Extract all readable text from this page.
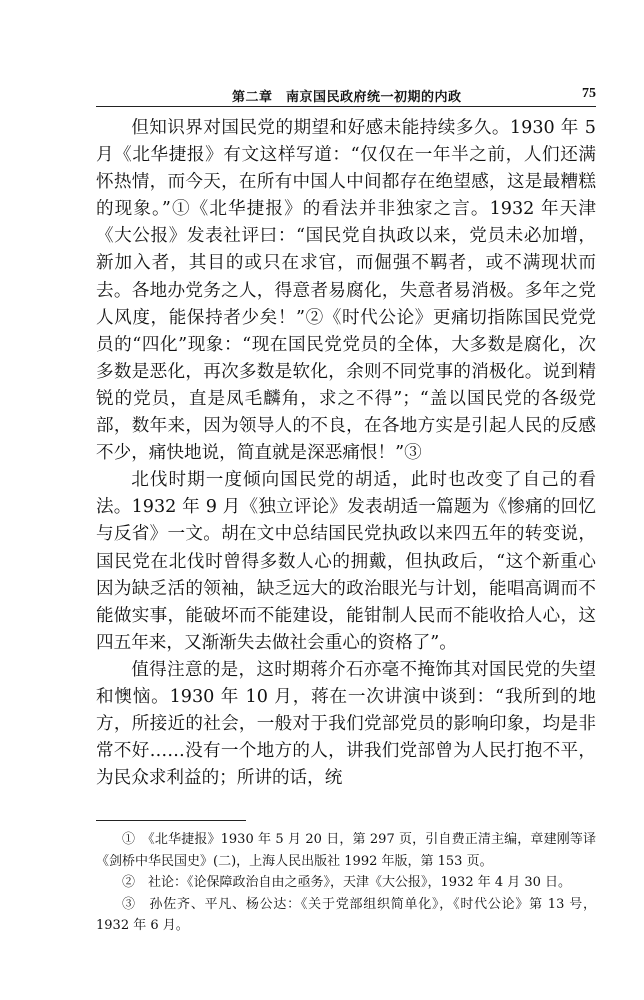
第二章　南京国民政府统一初期的内政	75

但知识界对国民党的期望和好感未能持续多久。1930 年 5 月《北华捷报》有文这样写道：“仅仅在一年半之前，人们还满怀热情，而今天，在所有中国人中间都存在绝望感，这是最糟糕的现象。”①《北华捷报》的看法并非独家之言。1932 年天津《大公报》发表社评曰：“国民党自执政以来，党员未必加增，新加入者，其目的或只在求官，而倔强不羁者，或不满现状而去。各地办党务之人，得意者易腐化，失意者易消极。多年之党人风度，能保持者少矣！”②《时代公论》更痛切指陈国民党党员的“四化”现象：“现在国民党党员的全体，大多数是腐化，次多数是恶化，再次多数是软化，余则不同党事的消极化。说到精锐的党员，直是凤毛麟角，求之不得”；“盖以国民党的各级党部，数年来，因为领导人的不良，在各地方实是引起人民的反感不少，痛快地说，简直就是深恶痛恨！”③

北伐时期一度倾向国民党的胡适，此时也改变了自己的看法。1932 年 9 月《独立评论》发表胡适一篇题为《惨痛的回忆与反省》一文。胡在文中总结国民党执政以来四五年的转变说，国民党在北伐时曾得多数人心的拥戴，但执政后，“这个新重心因为缺乏活的领袖，缺乏远大的政治眼光与计划，能唱高调而不能做实事，能破坏而不能建设，能钳制人民而不能收拾人心，这四五年来，又渐渐失去做社会重心的资格了”。

值得注意的是，这时期蒋介石亦毫不掩饰其对国民党的失望和懊恼。1930 年 10 月，蒋在一次讲演中谈到：“我所到的地方，所接近的社会，一般对于我们党部党员的影响印象，均是非常不好……没有一个地方的人，讲我们党部曾为人民打抱不平，为民众求利益的；所讲的话，统

①　《北华捷报》1930 年 5 月 20 日，第 297 页，引自费正清主编，章建刚等译《剑桥中华民国史》(二)，上海人民出版社 1992 年版，第 153 页。

②　社论：《论保障政治自由之亟务》，天津《大公报》，1932 年 4 月 30 日。

③　孙佐齐、平凡、杨公达：《关于党部组织简单化》，《时代公论》第 13 号，1932 年 6 月。
